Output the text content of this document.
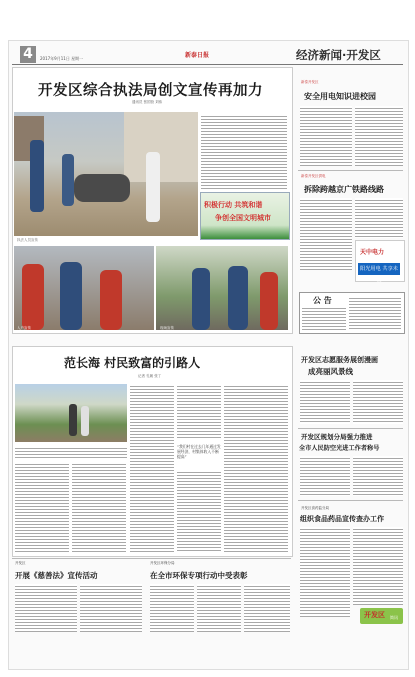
4	2017年9月11日 星期一	新泰日报	经济新闻·开发区
开发区综合执法局创文宣传再加力
通讯员 张国营 刘伟
执法人员宣传
积极行动 共筑和谐
争创全国文明城市
入户宣传	现场宣传
新泰开发区
安全用电知识进校园
新泰开发区供电
拆除跨越京广铁路线路
天中电力
阳光用电 共享未来
公 告
范长海 村民致富的引路人
记者 孔朝 张丁
“我们村在过去几年通过发展经济，村集体收入不断提高”
开发区志愿服务展创漫画
成亮丽风景线
开发区规划分局强力推进
全市人民防空光进工作者称号
开发区食药监分局
组织食品药品宣传查办工作
开发区
开展《慈善法》宣传活动
开发区环保分局
在全市环保专项行动中受表彰
开发区 简讯
